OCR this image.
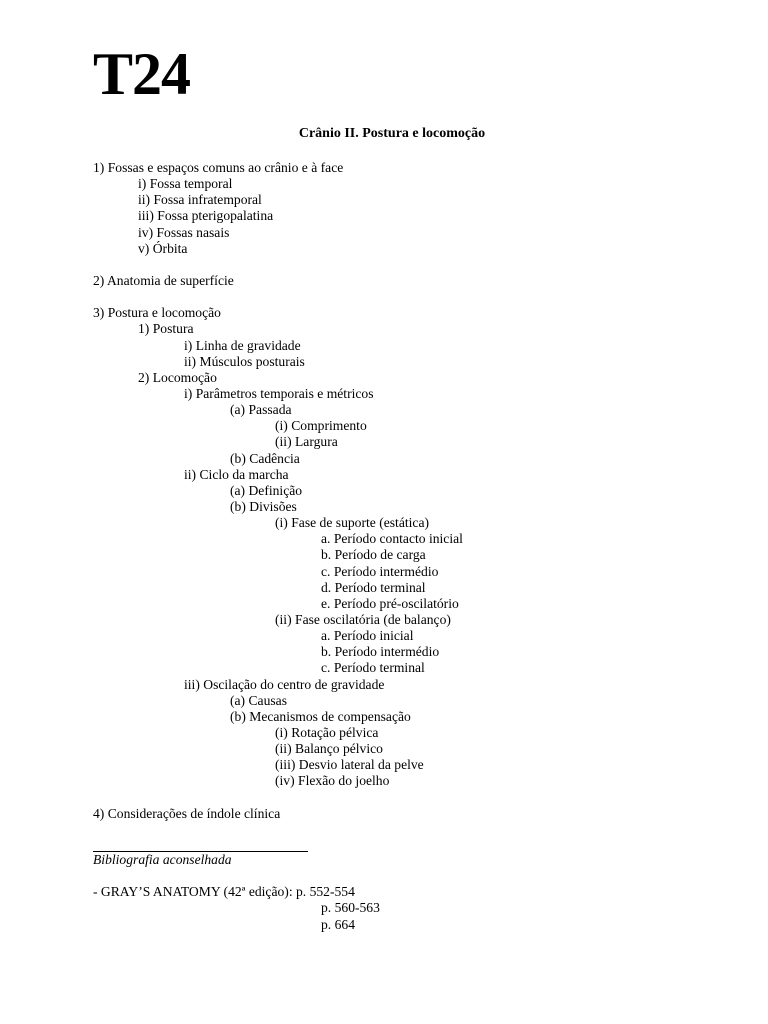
T24
Crânio II. Postura e locomoção
1) Fossas e espaços comuns ao crânio e à face
i) Fossa temporal
ii) Fossa infratemporal
iii) Fossa pterigopalatina
iv) Fossas nasais
v) Órbita
2) Anatomia de superfície
3) Postura e locomoção
1) Postura
i) Linha de gravidade
ii) Músculos posturais
2) Locomoção
i) Parâmetros temporais e métricos
(a) Passada
(i) Comprimento
(ii) Largura
(b) Cadência
ii) Ciclo da marcha
(a) Definição
(b) Divisões
(i) Fase de suporte (estática)
a. Período contacto inicial
b. Período de carga
c. Período intermédio
d. Período terminal
e. Período pré-oscilatório
(ii) Fase oscilatória (de balanço)
a. Período inicial
b. Período intermédio
c. Período terminal
iii) Oscilação do centro de gravidade
(a) Causas
(b) Mecanismos de compensação
(i) Rotação pélvica
(ii) Balanço pélvico
(iii) Desvio lateral da pelve
(iv) Flexão do joelho
4) Considerações de índole clínica
Bibliografia aconselhada
- GRAY’S ANATOMY (42ª edição): p. 552-554
p. 560-563
p. 664
